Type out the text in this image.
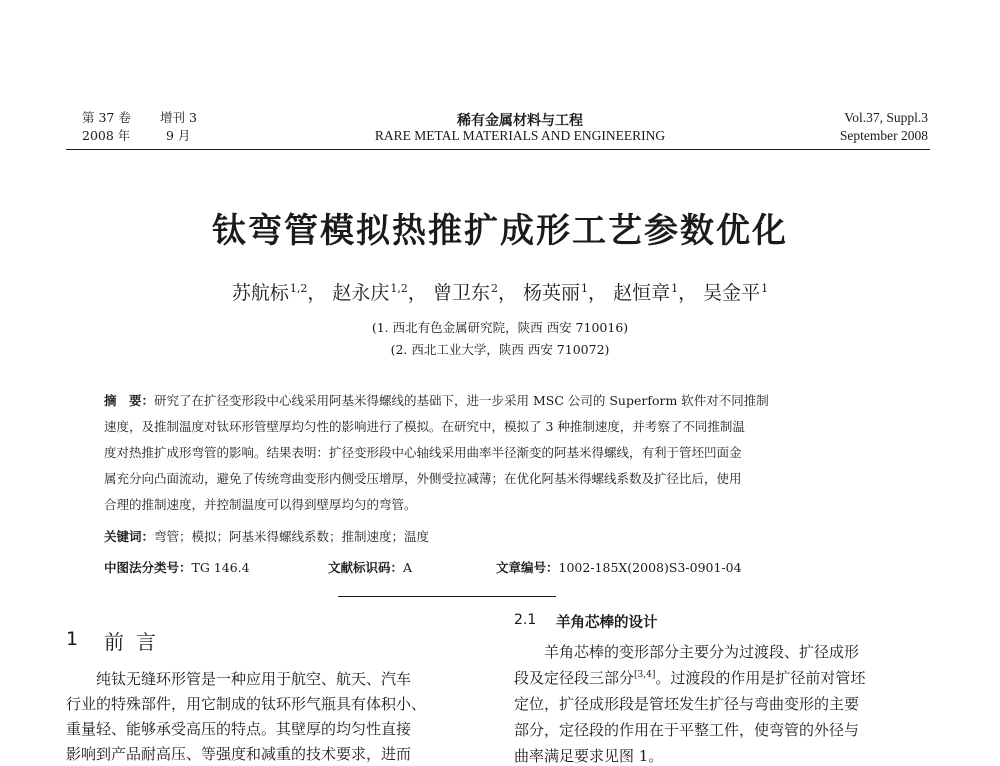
第 37 卷 增刊 3
2008 年	9 月
稀有金属材料与工程
RARE METAL MATERIALS AND ENGINEERING
Vol.37, Suppl.3
September 2008
钛弯管模拟热推扩成形工艺参数优化
苏航标$^{1,2}$， 赵永庆$^{1,2}$， 曾卫东$^2$， 杨英丽$^1$， 赵恒章$^1$， 吴金平$^1$
(1. 西北有色金属研究院，陕西 西安 710016)
(2. 西北工业大学，陕西 西安 710072)
摘　要：研究了在扩径变形段中心线采用阿基米得螺线的基础下，进一步采用 MSC 公司的 Superform 软件对不同推制
速度，及推制温度对钛环形管壁厚均匀性的影响进行了模拟。在研究中，模拟了 3 种推制速度，并考察了不同推制温
度对热推扩成形弯管的影响。结果表明：扩径变形段中心轴线采用曲率半径渐变的阿基米得螺线，有利于管坯凹面金
属充分向凸面流动，避免了传统弯曲变形内侧受压增厚，外侧受拉减薄；在优化阿基米得螺线系数及扩径比后，使用
合理的推制速度，并控制温度可以得到壁厚均匀的弯管。
关键词：弯管；模拟；阿基米得螺线系数；推制速度；温度
中图法分类号：TG 146.4	文献标识码：A	文章编号：1002-185X(2008)S3-0901-04
1 前言
纯钛无缝环形管是一种应用于航空、航天、汽车
行业的特殊部件，用它制成的钛环形气瓶具有体积小、
重量轻、能够承受高压的特点。其壁厚的均匀性直接
影响到产品耐高压、等强度和减重的技术要求，进而
2.1 羊角芯棒的设计
羊角芯棒的变形部分主要分为过渡段、扩径成形
段及定径段三部分[3,4]。过渡段的作用是扩径前对管坯
定位，扩径成形段是管坯发生扩径与弯曲变形的主要
部分，定径段的作用在于平整工件，使弯管的外径与
曲率满足要求见图 1。
